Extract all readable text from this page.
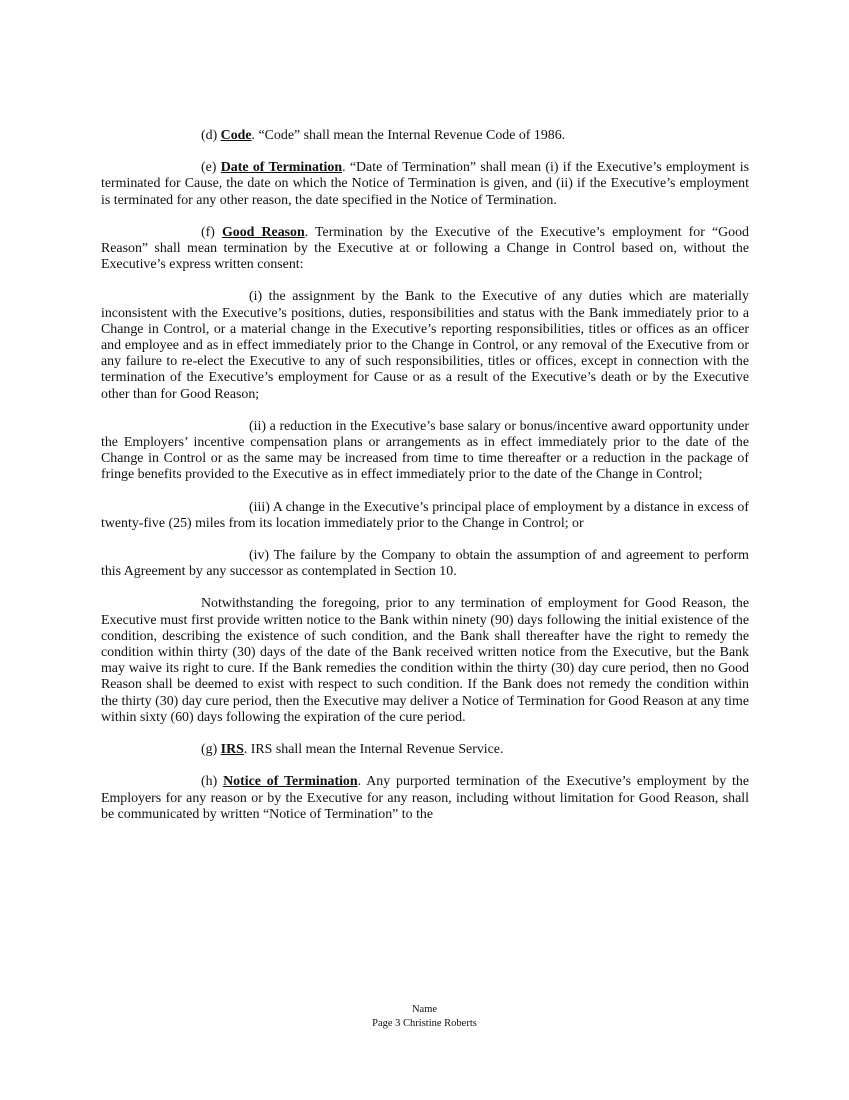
(d) Code. “Code” shall mean the Internal Revenue Code of 1986.

(e) Date of Termination. “Date of Termination” shall mean (i) if the Executive’s employment is terminated for Cause, the date on which the Notice of Termination is given, and (ii) if the Executive’s employment is terminated for any other reason, the date specified in the Notice of Termination.

(f) Good Reason. Termination by the Executive of the Executive’s employment for “Good Reason” shall mean termination by the Executive at or following a Change in Control based on, without the Executive’s express written consent:

(i) the assignment by the Bank to the Executive of any duties which are materially inconsistent with the Executive’s positions, duties, responsibilities and status with the Bank immediately prior to a Change in Control, or a material change in the Executive’s reporting responsibilities, titles or offices as an officer and employee and as in effect immediately prior to the Change in Control, or any removal of the Executive from or any failure to re-elect the Executive to any of such responsibilities, titles or offices, except in connection with the termination of the Executive’s employment for Cause or as a result of the Executive’s death or by the Executive other than for Good Reason;

(ii) a reduction in the Executive’s base salary or bonus/incentive award opportunity under the Employers’ incentive compensation plans or arrangements as in effect immediately prior to the date of the Change in Control or as the same may be increased from time to time thereafter or a reduction in the package of fringe benefits provided to the Executive as in effect immediately prior to the date of the Change in Control;

(iii) A change in the Executive’s principal place of employment by a distance in excess of twenty-five (25) miles from its location immediately prior to the Change in Control; or

(iv) The failure by the Company to obtain the assumption of and agreement to perform this Agreement by any successor as contemplated in Section 10.

Notwithstanding the foregoing, prior to any termination of employment for Good Reason, the Executive must first provide written notice to the Bank within ninety (90) days following the initial existence of the condition, describing the existence of such condition, and the Bank shall thereafter have the right to remedy the condition within thirty (30) days of the date of the Bank received written notice from the Executive, but the Bank may waive its right to cure. If the Bank remedies the condition within the thirty (30) day cure period, then no Good Reason shall be deemed to exist with respect to such condition. If the Bank does not remedy the condition within the thirty (30) day cure period, then the Executive may deliver a Notice of Termination for Good Reason at any time within sixty (60) days following the expiration of the cure period.

(g) IRS. IRS shall mean the Internal Revenue Service.

(h) Notice of Termination. Any purported termination of the Executive’s employment by the Employers for any reason or by the Executive for any reason, including without limitation for Good Reason, shall be communicated by written “Notice of Termination” to the

Name
Page 3 Christine Roberts
